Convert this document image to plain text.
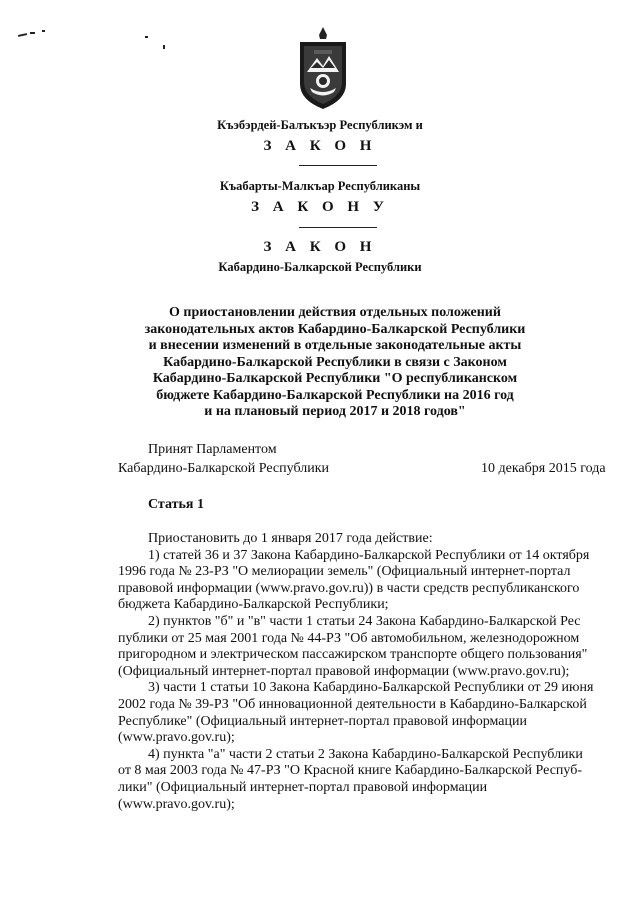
Къэбэрдей-Балъкъэр Республикэм и
З А К О Н
Къабарты-Малкъар Республиканы
З А К О Н У
З А К О Н
Кабардино-Балкарской Республики
О приостановлении действия отдельных положений
законодательных актов Кабардино-Балкарской Республики
и внесении изменений в отдельные законодательные акты
Кабардино-Балкарской Республики в связи с Законом
Кабардино-Балкарской Республики "О республиканском
бюджете Кабардино-Балкарской Республики на 2016 год
и на плановый период 2017 и 2018 годов"
Принят Парламентом
Кабардино-Балкарской Республики	10 декабря 2015 года
Статья 1
Приостановить до 1 января 2017 года действие:
1) статей 36 и 37 Закона Кабардино-Балкарской Республики от 14 октября
1996 года № 23-РЗ "О мелиорации земель" (Официальный интернет-портал
правовой информации (www.pravo.gov.ru)) в части средств республиканского
бюджета Кабардино-Балкарской Республики;
2) пунктов "б" и "в" части 1 статьи 24 Закона Кабардино-Балкарской Рес
публики от 25 мая 2001 года № 44-РЗ "Об автомобильном, железнодорожном
пригородном и электрическом пассажирском транспорте общего пользования"
(Официальный интернет-портал правовой информации (www.pravo.gov.ru);
3) части 1 статьи 10 Закона Кабардино-Балкарской Республики от 29 июня
2002 года № 39-РЗ "Об инновационной деятельности в Кабардино-Балкарской
Республике" (Официальный интернет-портал правовой информации
(www.pravo.gov.ru);
4) пункта "а" части 2 статьи 2 Закона Кабардино-Балкарской Республики
от 8 мая 2003 года № 47-РЗ "О Красной книге Кабардино-Балкарской Респуб-
лики" (Официальный интернет-портал правовой информации
(www.pravo.gov.ru);
